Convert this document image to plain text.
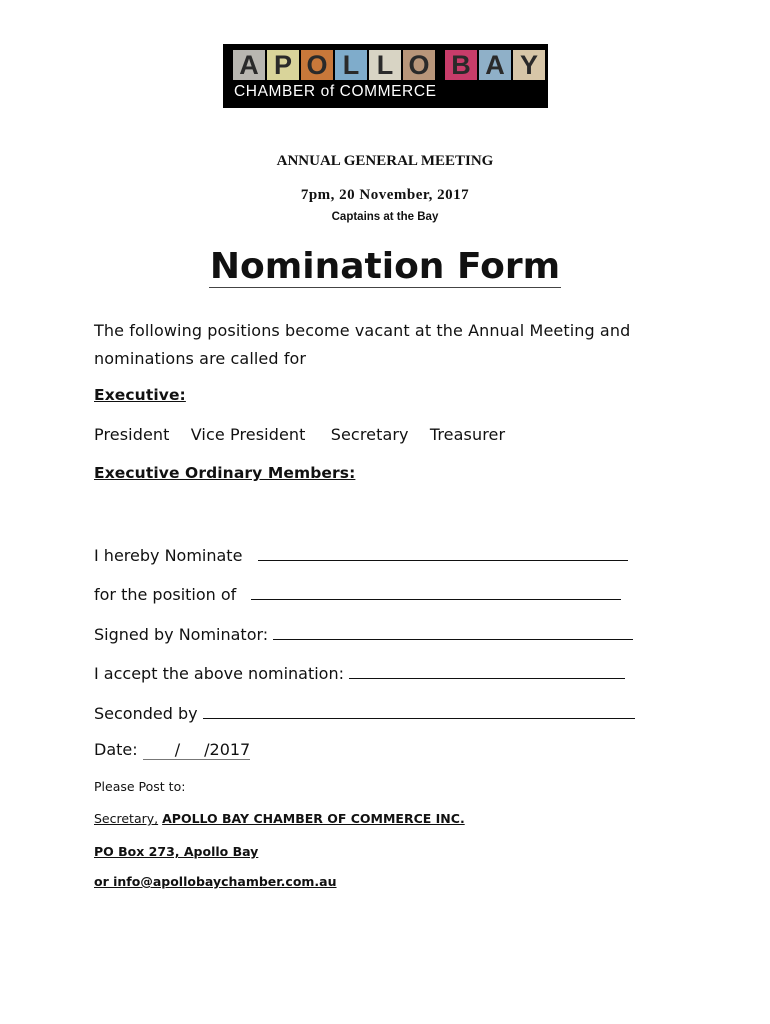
A P O L L O B A Y
CHAMBER of COMMERCE
ANNUAL GENERAL MEETING
7pm, 20 November, 2017
Captains at the Bay
Nomination Form
The following positions become vacant at the Annual Meeting and nominations are called for
Executive:
President Vice President Secretary Treasurer
Executive Ordinary Members:
I hereby Nominate
for the position of
Signed by Nominator:
I accept the above nomination:
Seconded by
Date: / /2017
Please Post to:
Secretary, APOLLO BAY CHAMBER OF COMMERCE INC.
PO Box 273, Apollo Bay
or info@apollobaychamber.com.au
